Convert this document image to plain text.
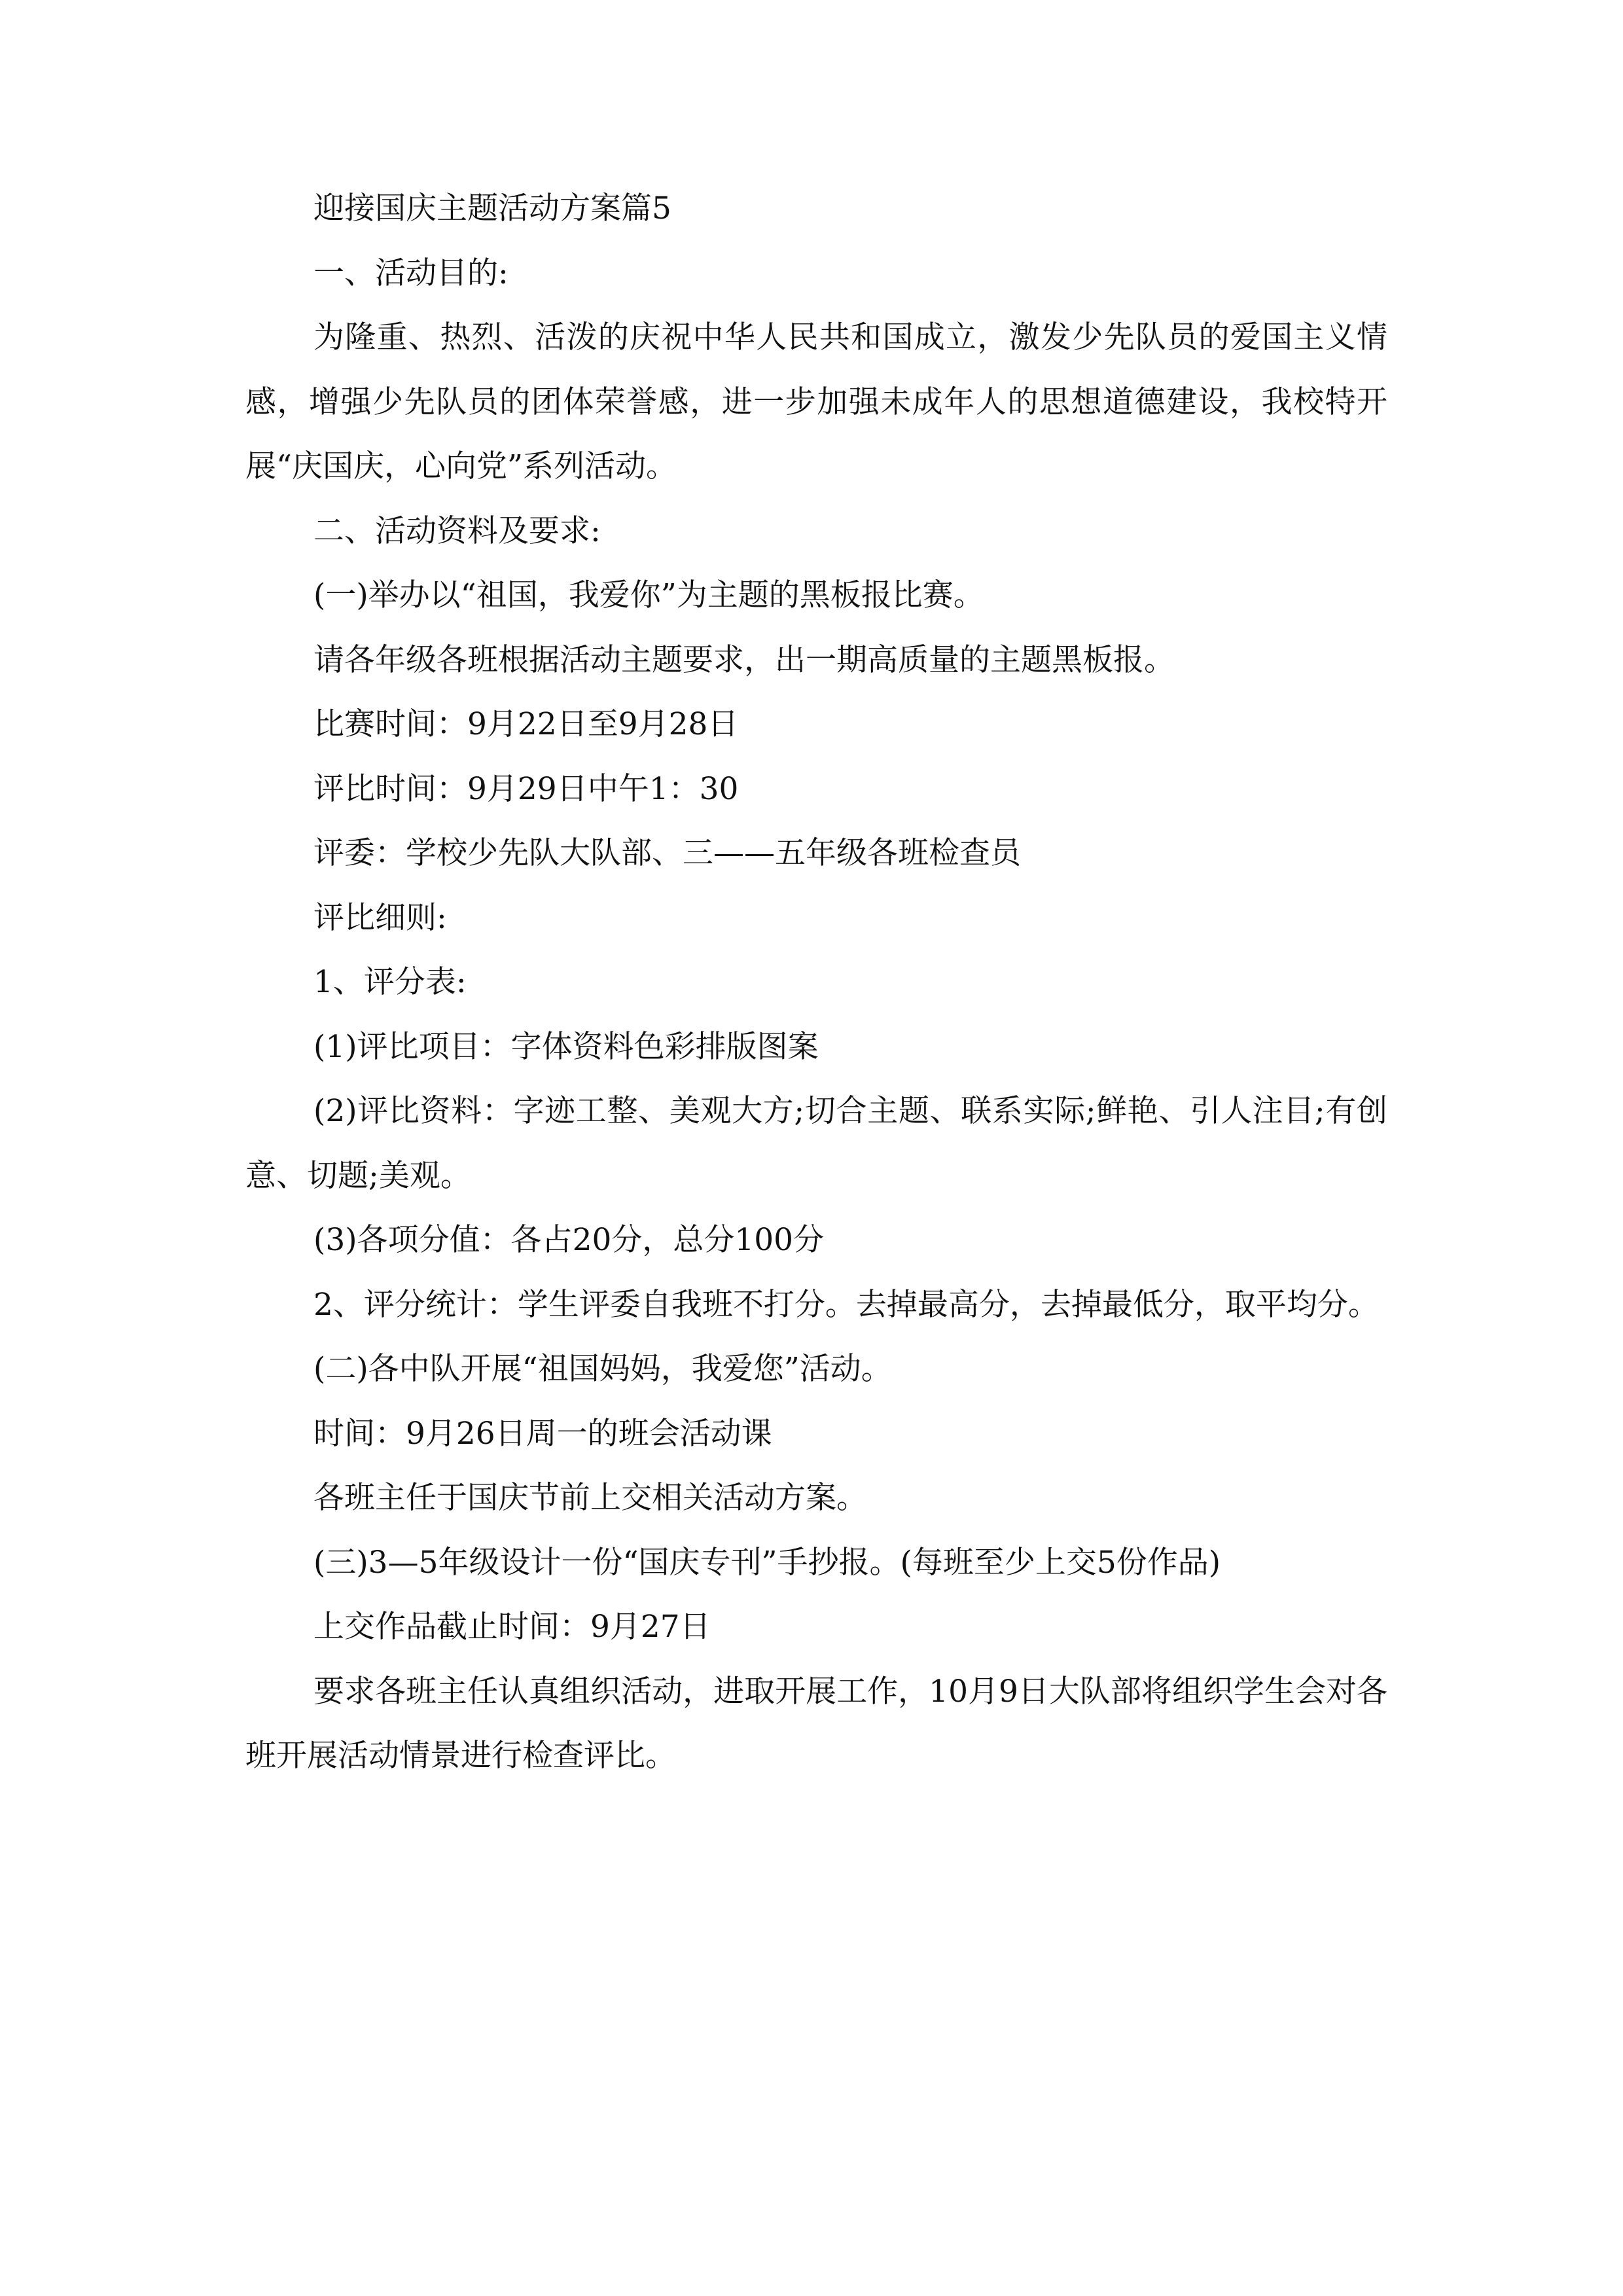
迎接国庆主题活动方案篇5

一、活动目的:

为隆重、热烈、活泼的庆祝中华人民共和国成立，激发少先队员的爱国主义情感，增强少先队员的团体荣誉感，进一步加强未成年人的思想道德建设，我校特开展“庆国庆，心向党”系列活动。

二、活动资料及要求:

(一)举办以“祖国，我爱你”为主题的黑板报比赛。

请各年级各班根据活动主题要求，出一期高质量的主题黑板报。

比赛时间：9月22日至9月28日

评比时间：9月29日中午1：30

评委：学校少先队大队部、三——五年级各班检查员

评比细则:

1、评分表:

(1)评比项目：字体资料色彩排版图案

(2)评比资料：字迹工整、美观大方;切合主题、联系实际;鲜艳、引人注目;有创意、切题;美观。

(3)各项分值：各占20分，总分100分

2、评分统计：学生评委自我班不打分。去掉最高分，去掉最低分，取平均分。

(二)各中队开展“祖国妈妈，我爱您”活动。

时间：9月26日周一的班会活动课

各班主任于国庆节前上交相关活动方案。

(三)3—5年级设计一份“国庆专刊”手抄报。(每班至少上交5份作品)

上交作品截止时间：9月27日

要求各班主任认真组织活动，进取开展工作，10月9日大队部将组织学生会对各班开展活动情景进行检查评比。
